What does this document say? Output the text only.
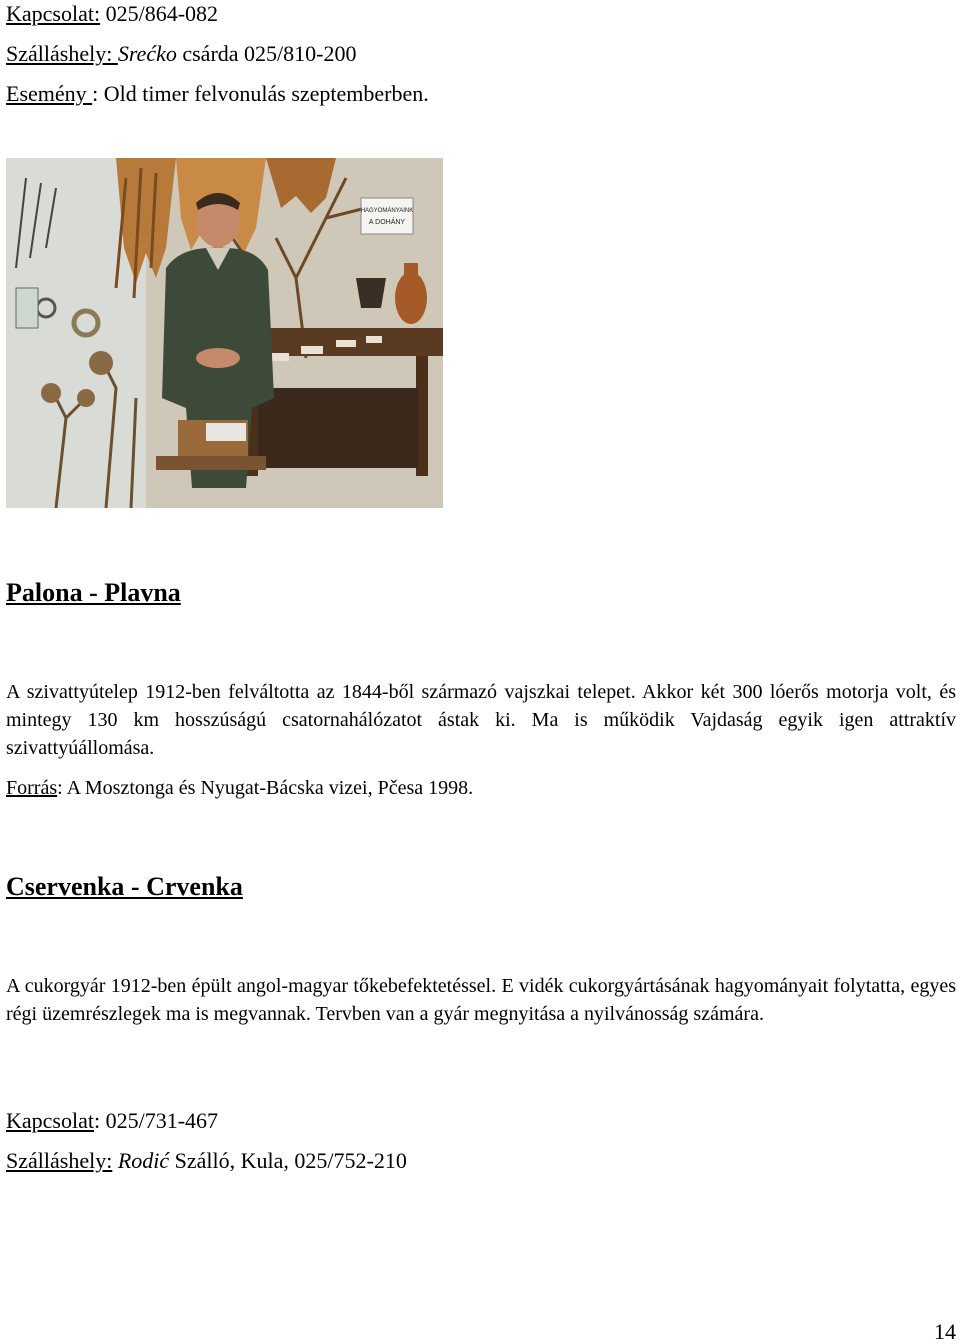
Kapcsolat: 025/864-082
Szálláshely: Srećko csárda 025/810-200
Esemény : Old timer felvonulás szeptemberben.
HAGYOMÁNYAINK
A DOHÁNY
Palona - Plavna
A szivattyútelep 1912-ben felváltotta az 1844-ből származó vajszkai telepet. Akkor két 300 lóerős motorja volt, és mintegy 130 km hosszúságú csatornahálózatot ástak ki. Ma is működik Vajdaság egyik igen attraktív szivattyúállomása.
Forrás: A Mosztonga és Nyugat-Bácska vizei, Pčesa 1998.
Cservenka - Crvenka
A cukorgyár 1912-ben épült angol-magyar tőkebefektetéssel. E vidék cukorgyártásának hagyományait folytatta, egyes régi üzemrészlegek ma is megvannak. Tervben van a gyár megnyitása a nyilvánosság számára.
Kapcsolat: 025/731-467
Szálláshely: Rodić Szálló, Kula, 025/752-210
14
